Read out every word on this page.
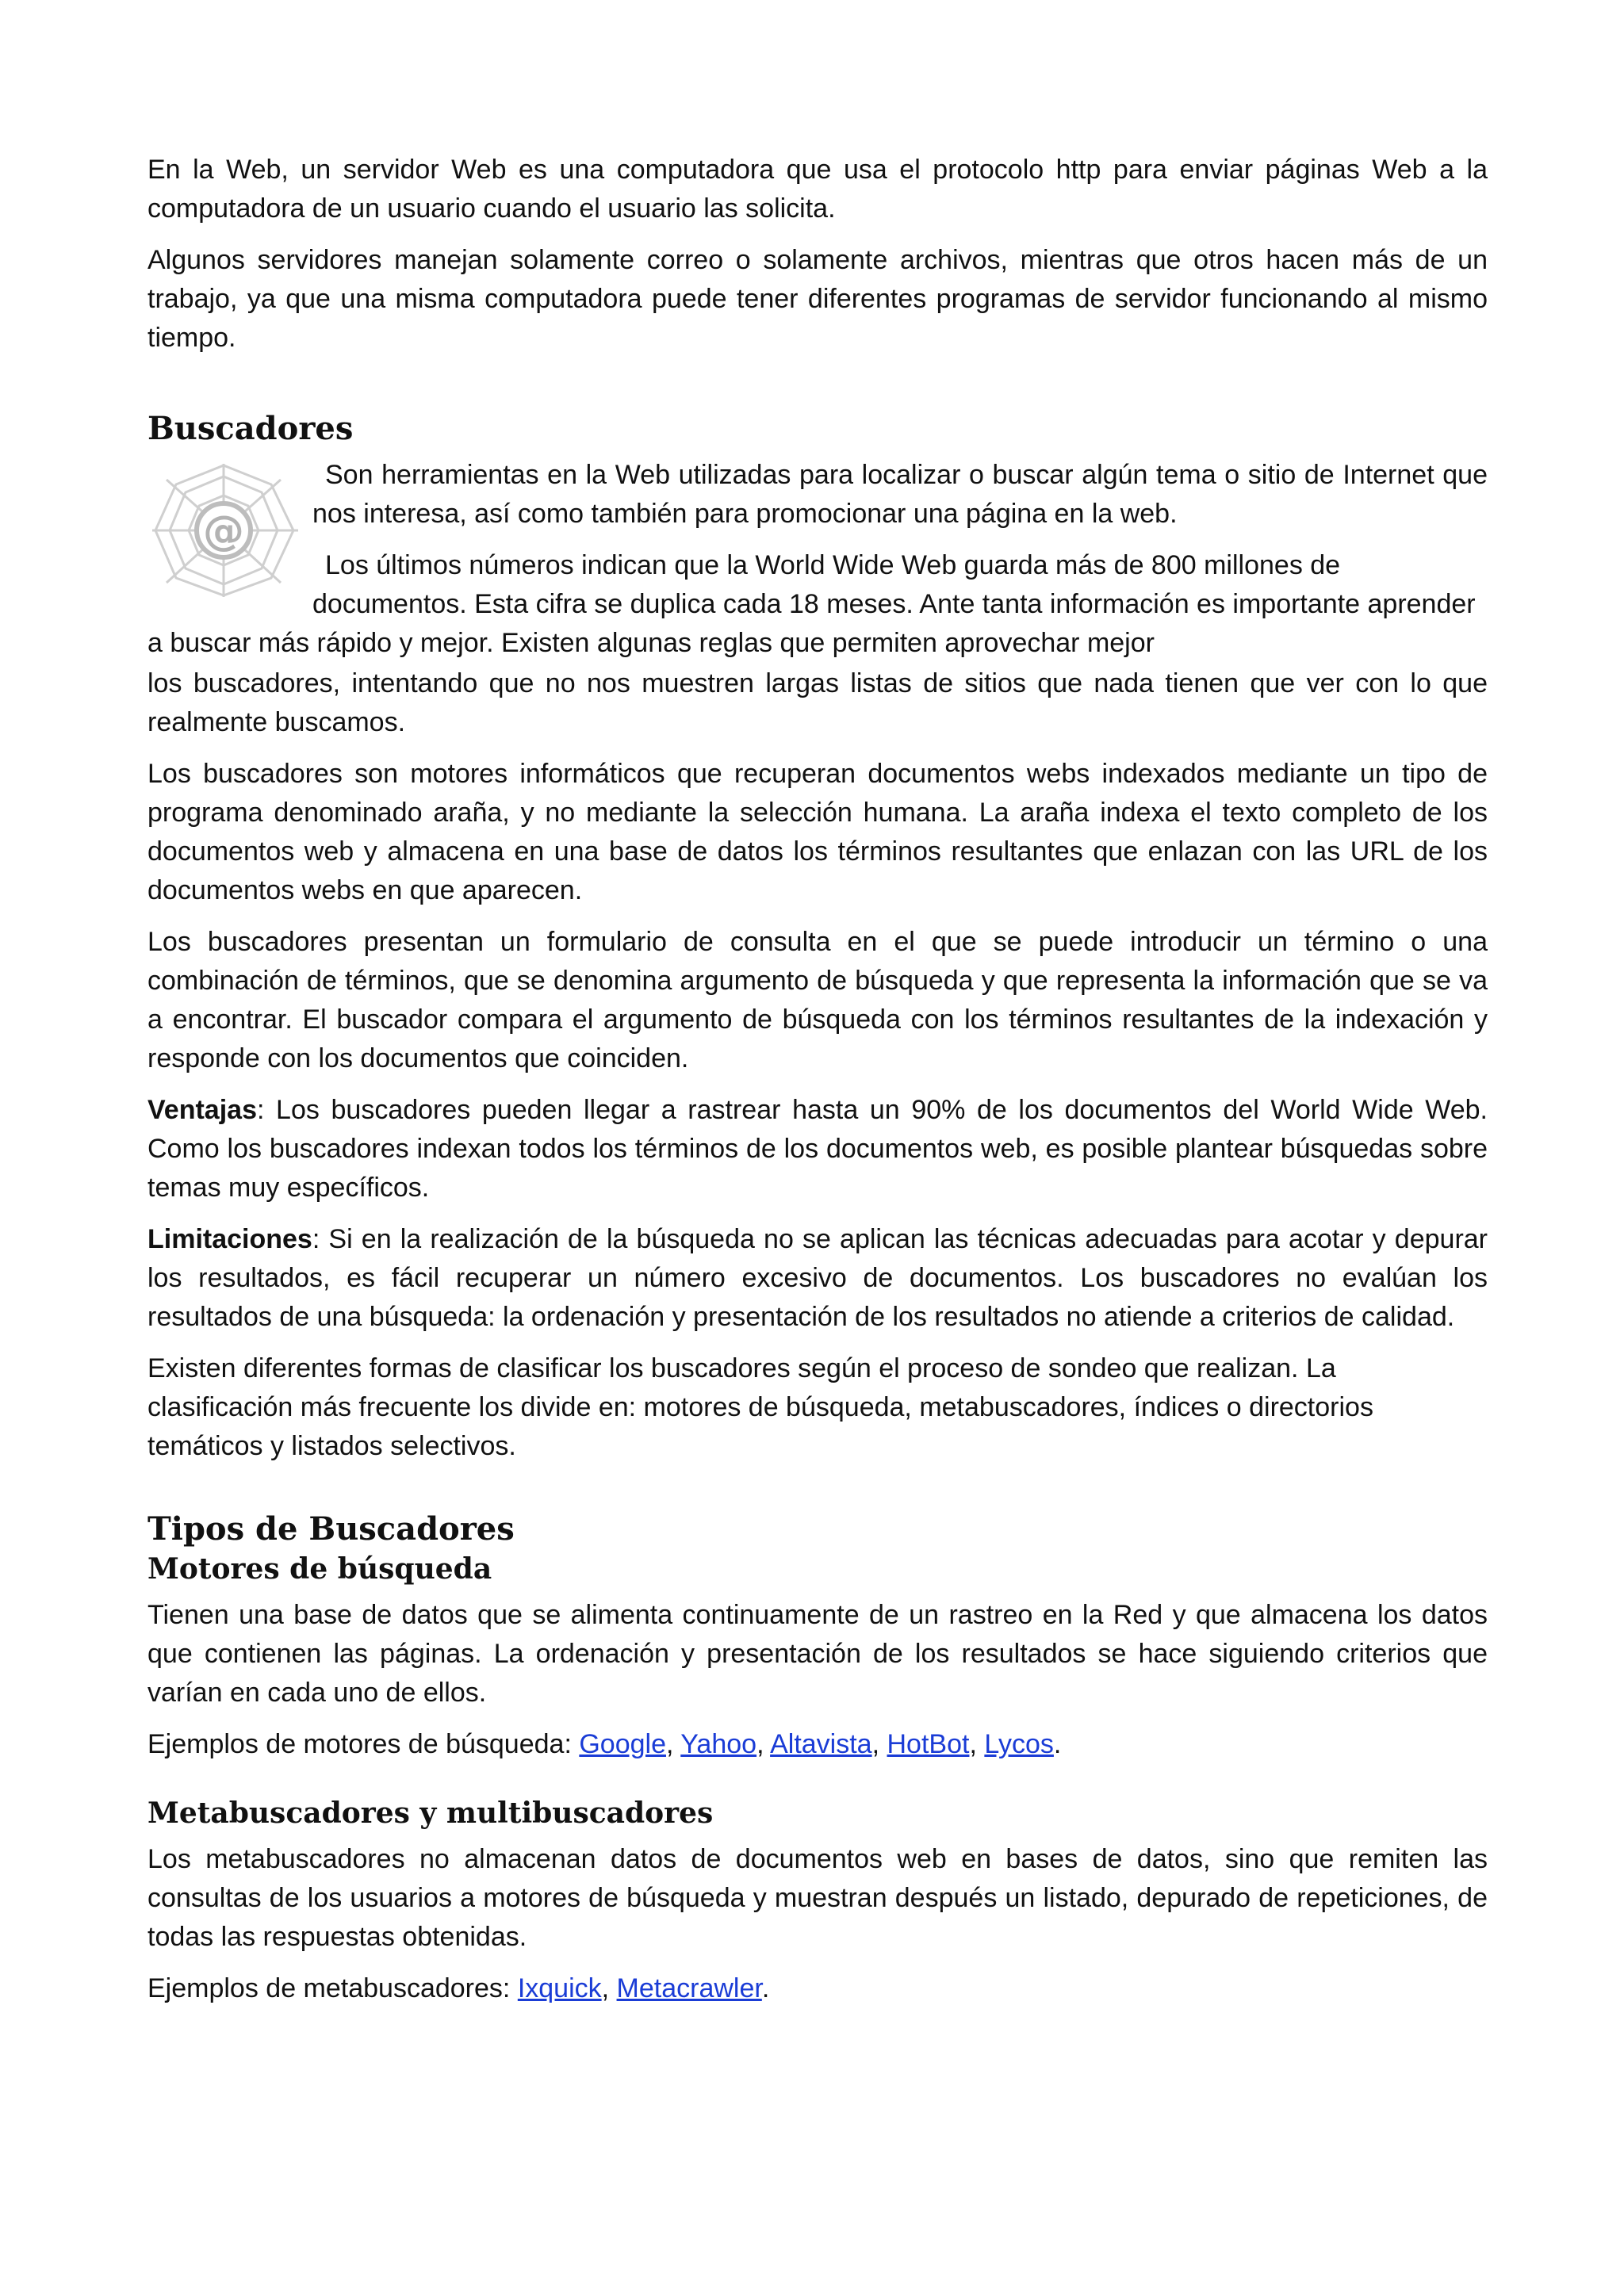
En la Web, un servidor Web es una computadora que usa el protocolo http para enviar páginas Web a la computadora de un usuario cuando el usuario las solicita.

Algunos servidores manejan solamente correo o solamente archivos, mientras que otros hacen más de un trabajo, ya que una misma computadora puede tener diferentes programas de servidor funcionando al mismo tiempo.

Buscadores
@

Son herramientas en la Web utilizadas para localizar o buscar algún tema o sitio de Internet que nos interesa, así como también para promocionar una página en la web.

Los últimos números indican que la World Wide Web guarda más de 800 millones de documentos. Esta cifra se duplica cada 18 meses. Ante tanta información es importante aprender a buscar más rápido y mejor. Existen algunas reglas que permiten aprovechar mejor

los buscadores, intentando que no nos muestren largas listas de sitios que nada tienen que ver con lo que realmente buscamos.

Los buscadores son motores informáticos que recuperan documentos webs indexados mediante un tipo de programa denominado araña, y no mediante la selección humana. La araña indexa el texto completo de los documentos web y almacena en una base de datos los términos resultantes que enlazan con las URL de los documentos webs en que aparecen.

Los buscadores presentan un formulario de consulta en el que se puede introducir un término o una combinación de términos, que se denomina argumento de búsqueda y que representa la información que se va a encontrar. El buscador compara el argumento de búsqueda con los términos resultantes de la indexación y responde con los documentos que coinciden.

Ventajas: Los buscadores pueden llegar a rastrear hasta un 90% de los documentos del World Wide Web. Como los buscadores indexan todos los términos de los documentos web, es posible plantear búsquedas sobre temas muy específicos.

Limitaciones: Si en la realización de la búsqueda no se aplican las técnicas adecuadas para acotar y depurar los resultados, es fácil recuperar un número excesivo de documentos. Los buscadores no evalúan los resultados de una búsqueda: la ordenación y presentación de los resultados no atiende a criterios de calidad.

Existen diferentes formas de clasificar los buscadores según el proceso de sondeo que realizan. La clasificación más frecuente los divide en: motores de búsqueda, metabuscadores, índices o directorios temáticos y listados selectivos.

Tipos de Buscadores
Motores de búsqueda

Tienen una base de datos que se alimenta continuamente de un rastreo en la Red y que almacena los datos que contienen las páginas. La ordenación y presentación de los resultados se hace siguiendo criterios que varían en cada uno de ellos.

Ejemplos de motores de búsqueda: Google, Yahoo, Altavista, HotBot, Lycos.

Metabuscadores y multibuscadores

Los metabuscadores no almacenan datos de documentos web en bases de datos, sino que remiten las consultas de los usuarios a motores de búsqueda y muestran después un listado, depurado de repeticiones, de todas las respuestas obtenidas.

Ejemplos de metabuscadores: Ixquick, Metacrawler.
